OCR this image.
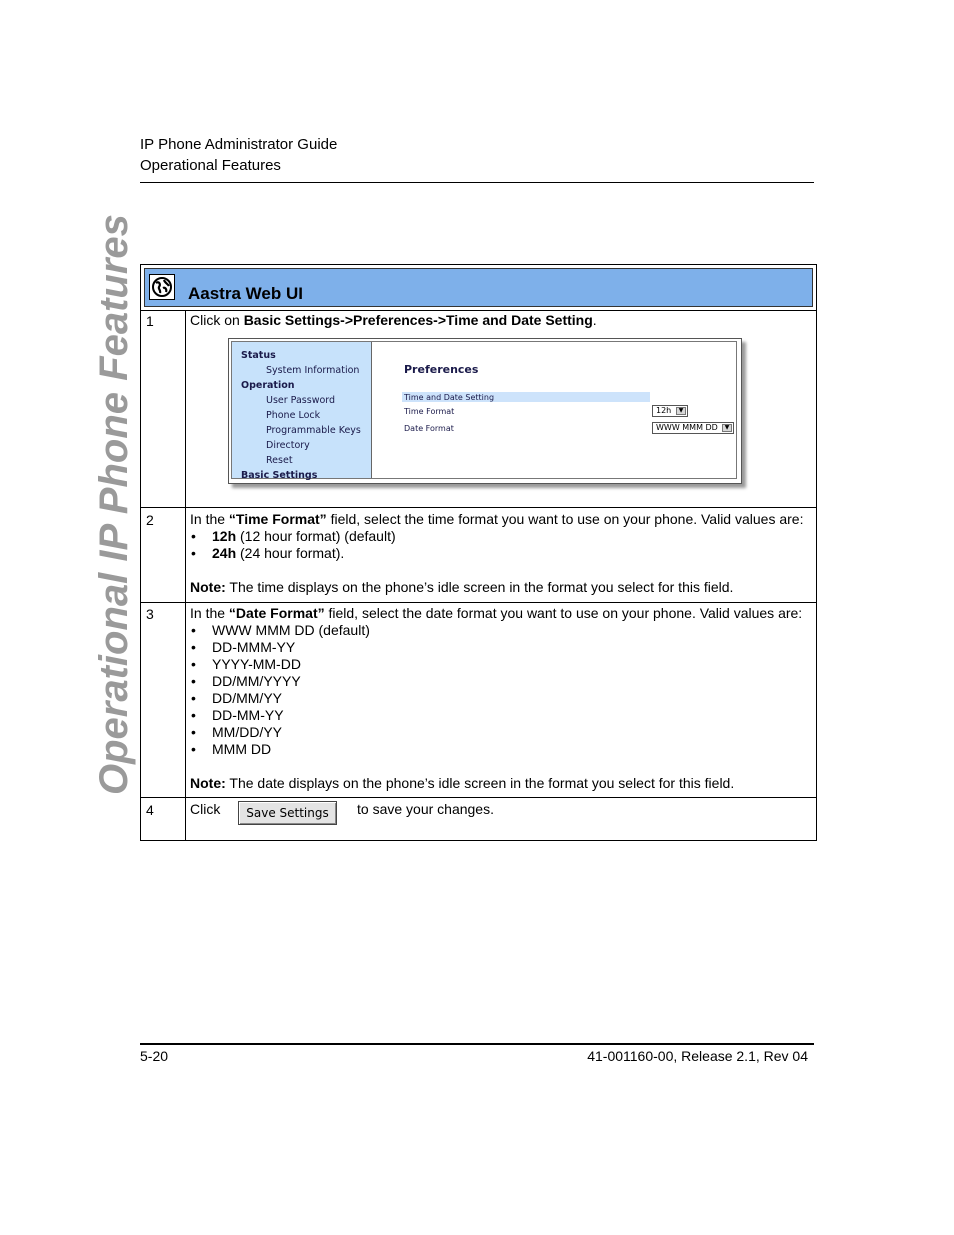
IP Phone Administrator Guide
Operational Features
Operational IP Phone Features	Aastra Web UI
1	Click on Basic Settings->Preferences->Time and Date Setting.
Status
System Information
Operation
User Password
Phone Lock
Programmable Keys
Directory
Reset
Basic Settings
Preferences
Time and Date Setting
Time Format	12h	▼
Date Format	WWW MMM DD	▼
2	In the “Time Format” field, select the time format you want to use on your phone. Valid values are:
• 12h (12 hour format) (default)
• 24h (24 hour format).
Note: The time displays on the phone’s idle screen in the format you select for this field.
3	In the “Date Format” field, select the date format you want to use on your phone. Valid values are:
• WWW MMM DD (default)
• DD-MMM-YY
• YYYY-MM-DD
• DD/MM/YYYY
• DD/MM/YY
• DD-MM-YY
• MM/DD/YY
• MMM DD
Note: The date displays on the phone’s idle screen in the format you select for this field.
4	Click	Save Settings	to save your changes.
5-20	41-001160-00, Release 2.1, Rev 04
